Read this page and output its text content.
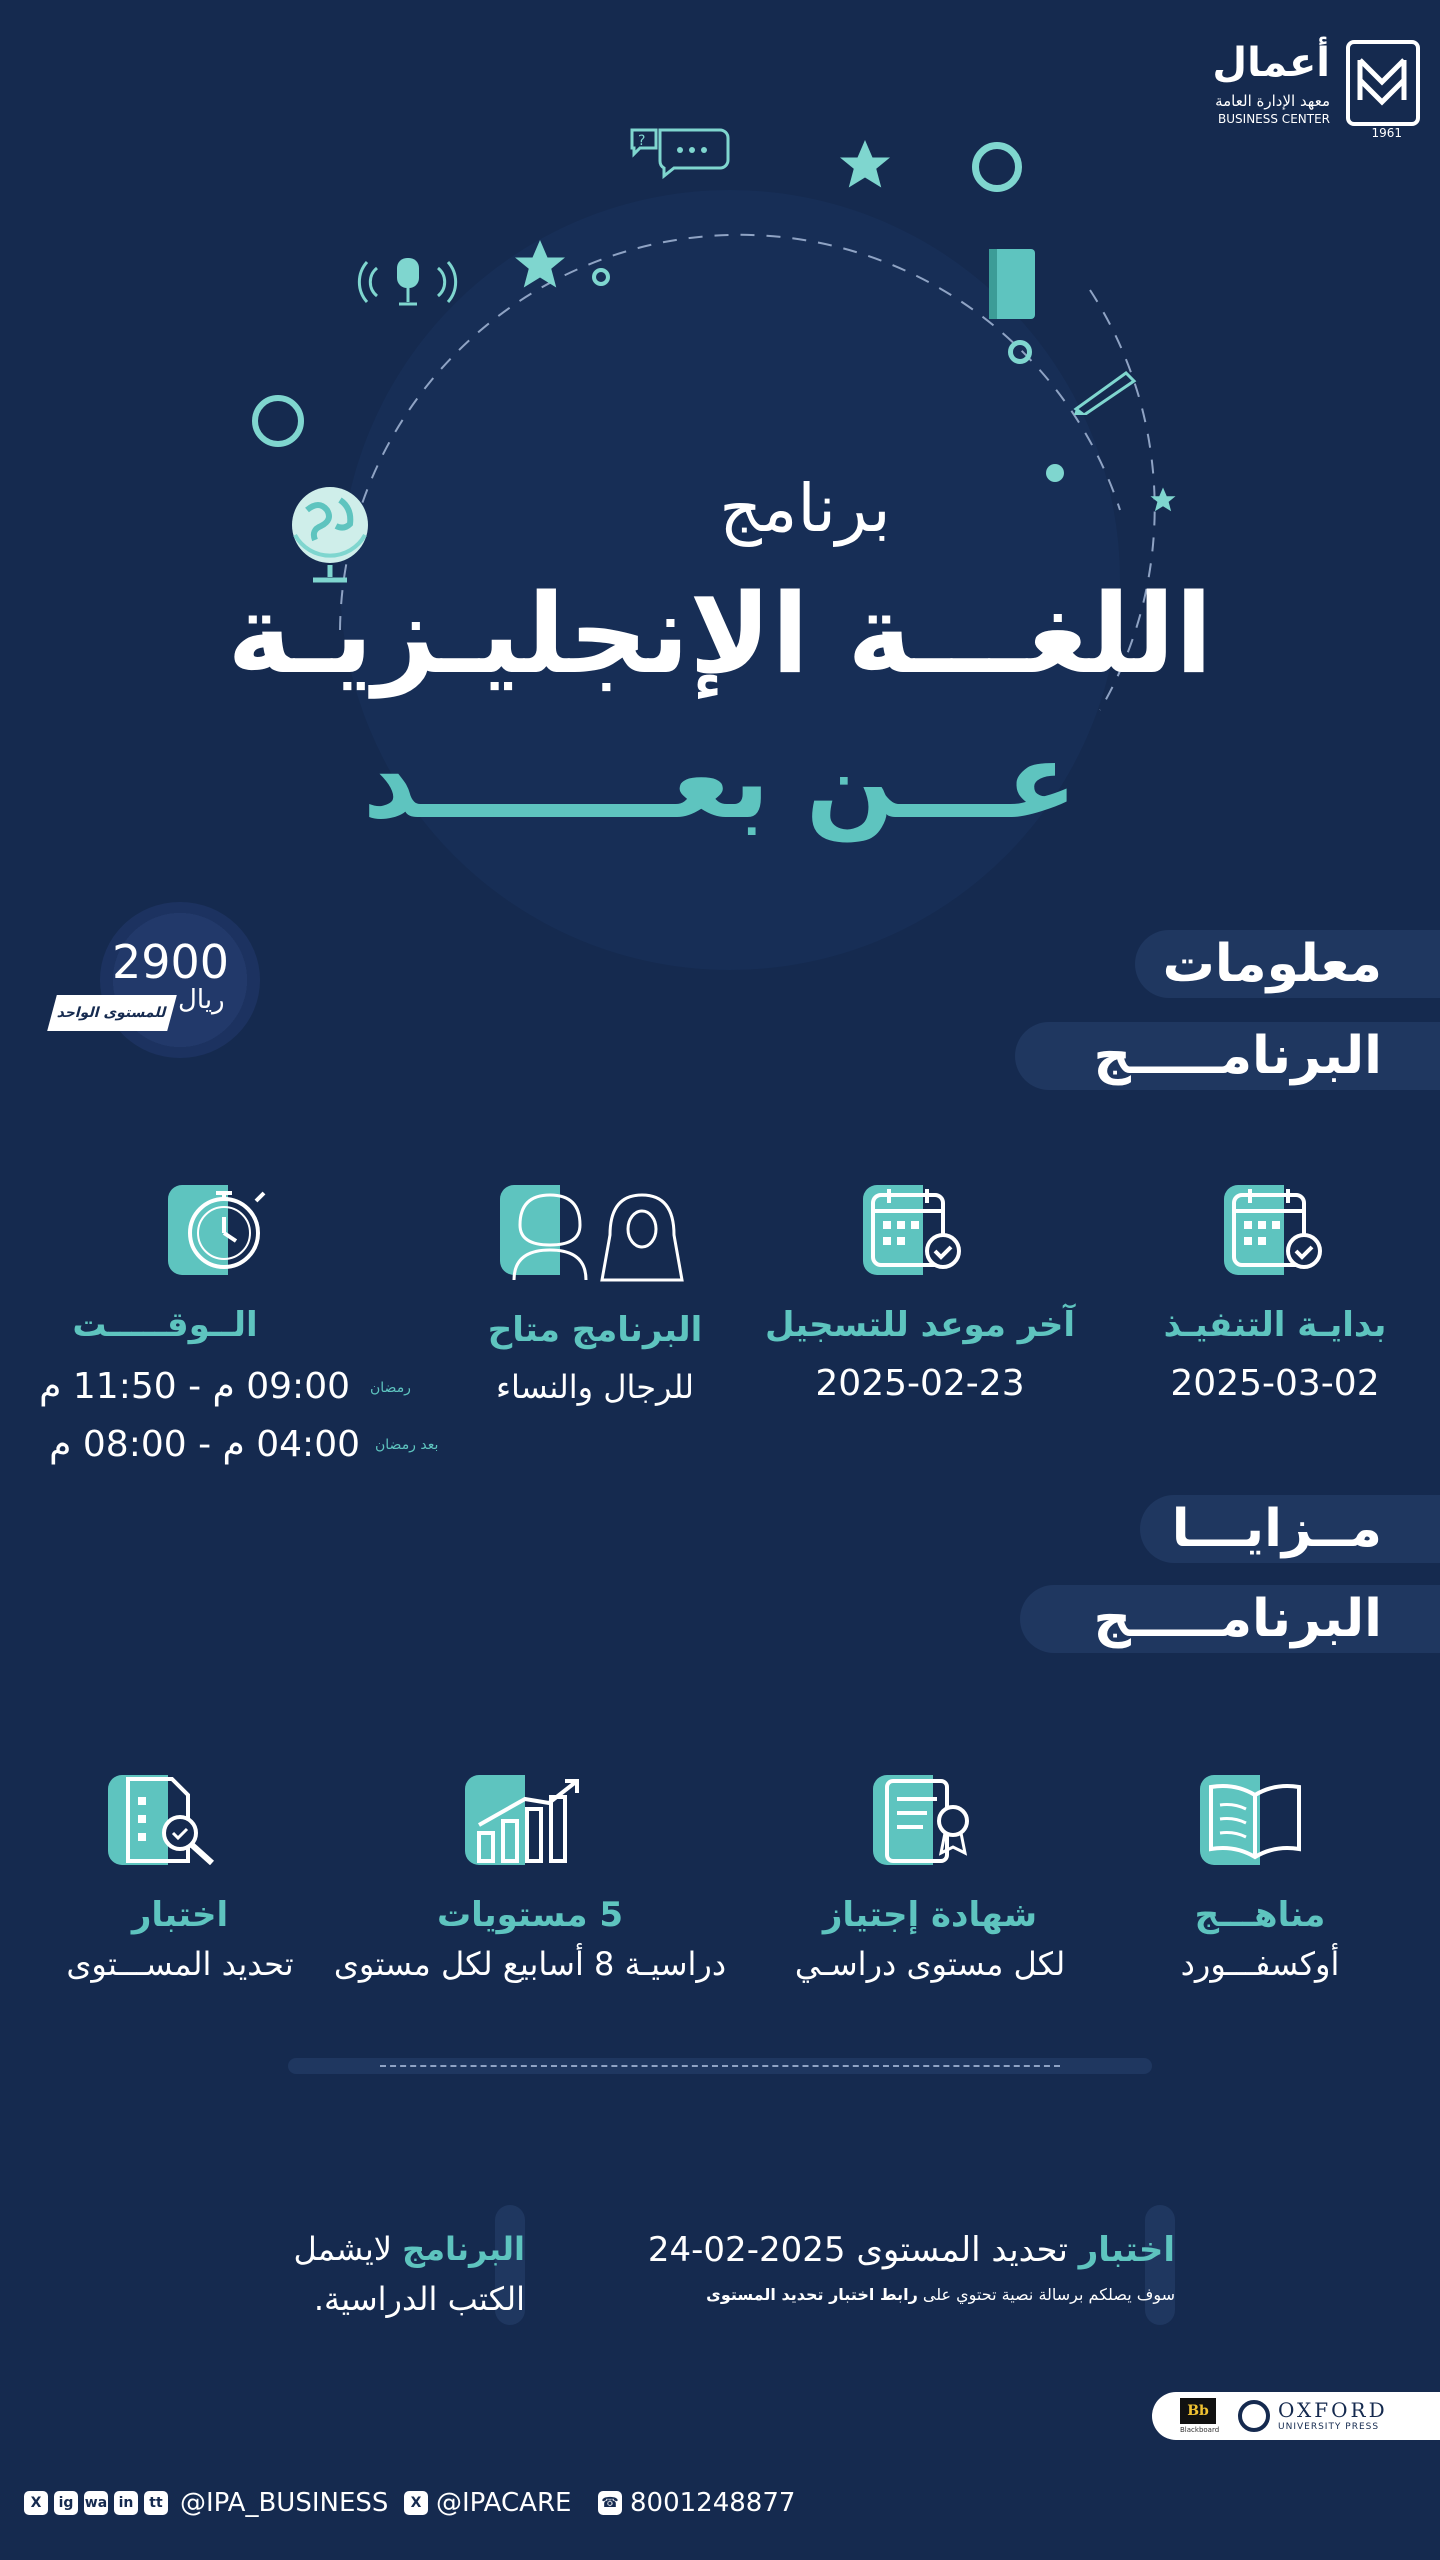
?	1961
أعمال
معهد الإدارة العامة
BUSINESS CENTER
برنامج
اللغـــة الإنجليـزيـة
عـــن بعـــــــد
2900
ريال
للمستوى الواحد
معلومات
البرنامـــــج
بدايـة التنفيـذ
2025-03-02
آخر موعد للتسجيل
2025-02-23
البرنامج متاح
للرجال والنساء
الــوقـــــت
رمضان
09:00 م - 11:50 م
بعد رمضان
04:00 م - 08:00 م
مــزايـــا
البرنامـــــج
مناهـــج
أوكسفـــورد
شهادة إجتياز
لكل مستوى دراسـي
5 مستويات
دراسيـة 8 أسابيع لكل مستوى
اختبار
تحديد المســـتوى
اختبار تحديد المستوى 2025-02-24
سوف يصلكم برسالة نصية تحتوي على رابط اختبار تحديد المستوى
البرنامج لايشمل
الكتب الدراسية.
Bb
Blackboard
OXFORD
UNIVERSITY PRESS
X	ig wa in	tt @IPA_BUSINESS	X @IPACARE ☎ 8001248877
